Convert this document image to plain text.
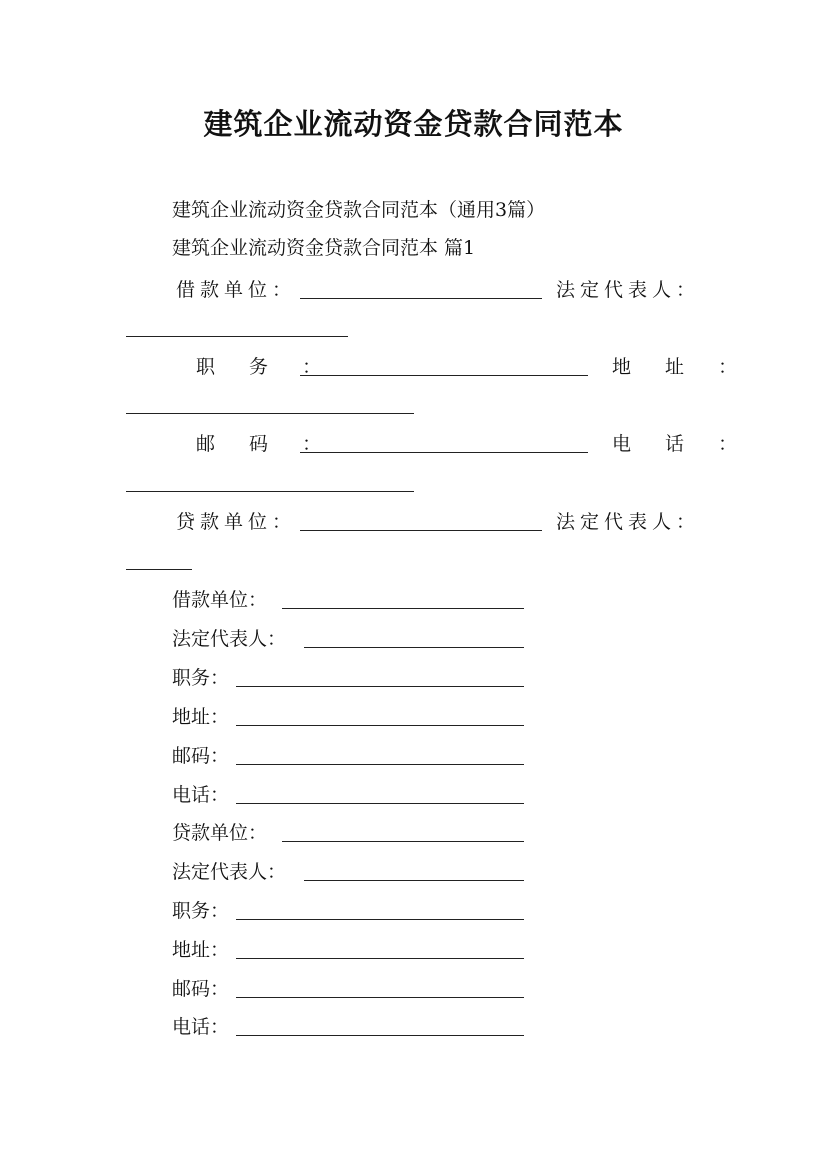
建筑企业流动资金贷款合同范本
建筑企业流动资金贷款合同范本（通用3篇）
建筑企业流动资金贷款合同范本 篇1
借款单位：	法定代表人：
职 务 ：	地 址 ：
邮 码 ：	电 话 ：
贷款单位：	法定代表人：
借款单位：
法定代表人：
职务：
地址：
邮码：
电话：
贷款单位：
法定代表人：
职务：
地址：
邮码：
电话：
